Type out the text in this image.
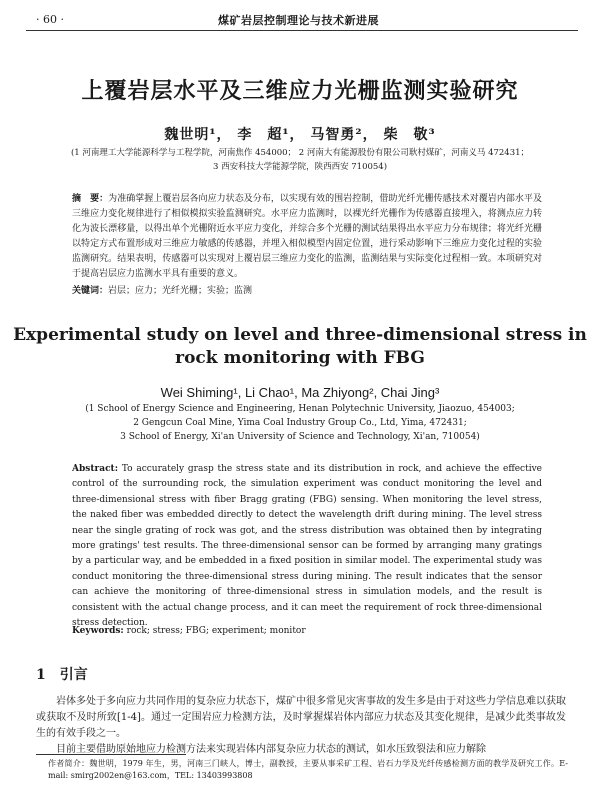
· 60 ·	煤矿岩层控制理论与技术新进展
上覆岩层水平及三维应力光栅监测实验研究
魏世明¹， 李　超¹， 马智勇²， 柴　敬³
(1 河南理工大学能源科学与工程学院，河南焦作 454000； 2 河南大有能源股份有限公司耿村煤矿，河南义马 472431；
3 西安科技大学能源学院，陕西西安 710054)
摘　要：为准确掌握上覆岩层各向应力状态及分布，以实现有效的围岩控制，借助光纤光栅传感技术对覆岩内部水平及三维应力变化规律进行了相似模拟实验监测研究。水平应力监测时，以裸光纤光栅作为传感器直接埋入，将测点应力转化为波长漂移量，以得出单个光栅附近水平应力变化，并综合多个光栅的测试结果得出水平应力分布规律；将光纤光栅以特定方式布置形成对三维应力敏感的传感器，并埋入相似模型内固定位置，进行采动影响下三维应力变化过程的实验监测研究。结果表明，传感器可以实现对上覆岩层三维应力变化的监测，监测结果与实际变化过程相一致。本项研究对于提高岩层应力监测水平具有重要的意义。
关键词：岩层；应力；光纤光栅；实验；监测
Experimental study on level and three-dimensional stress in
rock monitoring with FBG
Wei Shiming¹, Li Chao¹, Ma Zhiyong², Chai Jing³
(1 School of Energy Science and Engineering, Henan Polytechnic University, Jiaozuo, 454003;
2 Gengcun Coal Mine, Yima Coal Industry Group Co., Ltd, Yima, 472431;
3 School of Energy, Xi'an University of Science and Technology, Xi'an, 710054)
Abstract: To accurately grasp the stress state and its distribution in rock, and achieve the effective control of the surrounding rock, the simulation experiment was conduct monitoring the level and three-dimensional stress with fiber Bragg grating (FBG) sensing. When monitoring the level stress, the naked fiber was embedded directly to detect the wavelength drift during mining. The level stress near the single grating of rock was got, and the stress distribution was obtained then by integrating more gratings' test results. The three-dimensional sensor can be formed by arranging many gratings by a particular way, and be embedded in a fixed position in similar model. The experimental study was conduct monitoring the three-dimensional stress during mining. The result indicates that the sensor can achieve the monitoring of three-dimensional stress in simulation models, and the result is consistent with the actual change process, and it can meet the requirement of rock three-dimensional stress detection.
Keywords: rock; stress; FBG; experiment; monitor
1　引言

岩体多处于多向应力共同作用的复杂应力状态下，煤矿中很多常见灾害事故的发生多是由于对这些力学信息难以获取或获取不及时所致[1-4]。通过一定围岩应力检测方法，及时掌握煤岩体内部应力状态及其变化规律，是减少此类事故发生的有效手段之一。

目前主要借助原始地应力检测方法来实现岩体内部复杂应力状态的测试，如水压致裂法和应力解除

作者简介：魏世明，1979 年生，男，河南三门峡人，博士，副教授，主要从事采矿工程、岩石力学及光纤传感检测方面的教学及研究工作。E-mail: smirg2002en@163.com，TEL: 13403993808
